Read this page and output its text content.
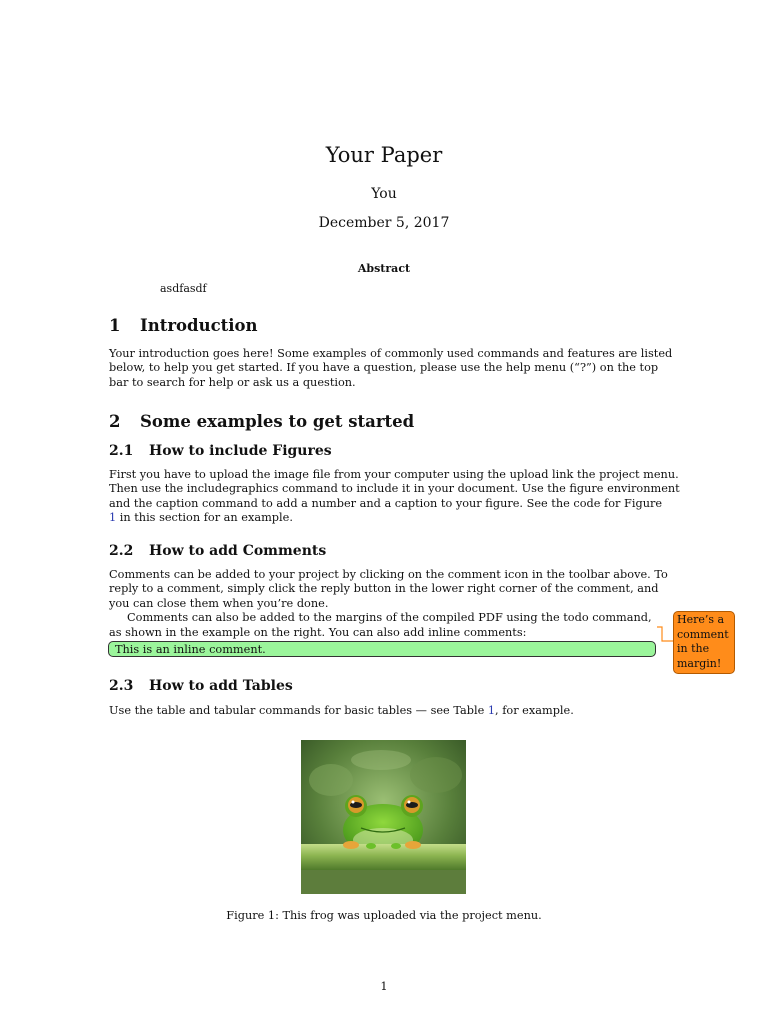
Your Paper
You
December 5, 2017
Abstract
asdfasdf
1 Introduction
Your introduction goes here! Some examples of commonly used commands and features are listed
below, to help you get started. If you have a question, please use the help menu (“?”) on the top
bar to search for help or ask us a question.
2 Some examples to get started
2.1 How to include Figures
First you have to upload the image file from your computer using the upload link the project menu.
Then use the includegraphics command to include it in your document. Use the figure environment
and the caption command to add a number and a caption to your figure. See the code for Figure
1 in this section for an example.
2.2 How to add Comments
Comments can be added to your project by clicking on the comment icon in the toolbar above. To
reply to a comment, simply click the reply button in the lower right corner of the comment, and
you can close them when you’re done.
Comments can also be added to the margins of the compiled PDF using the todo command,
as shown in the example on the right. You can also add inline comments:
This is an inline comment.
Here’s a
comment
in the
margin!
2.3 How to add Tables
Use the table and tabular commands for basic tables — see Table 1, for example.
Figure 1: This frog was uploaded via the project menu.
1
